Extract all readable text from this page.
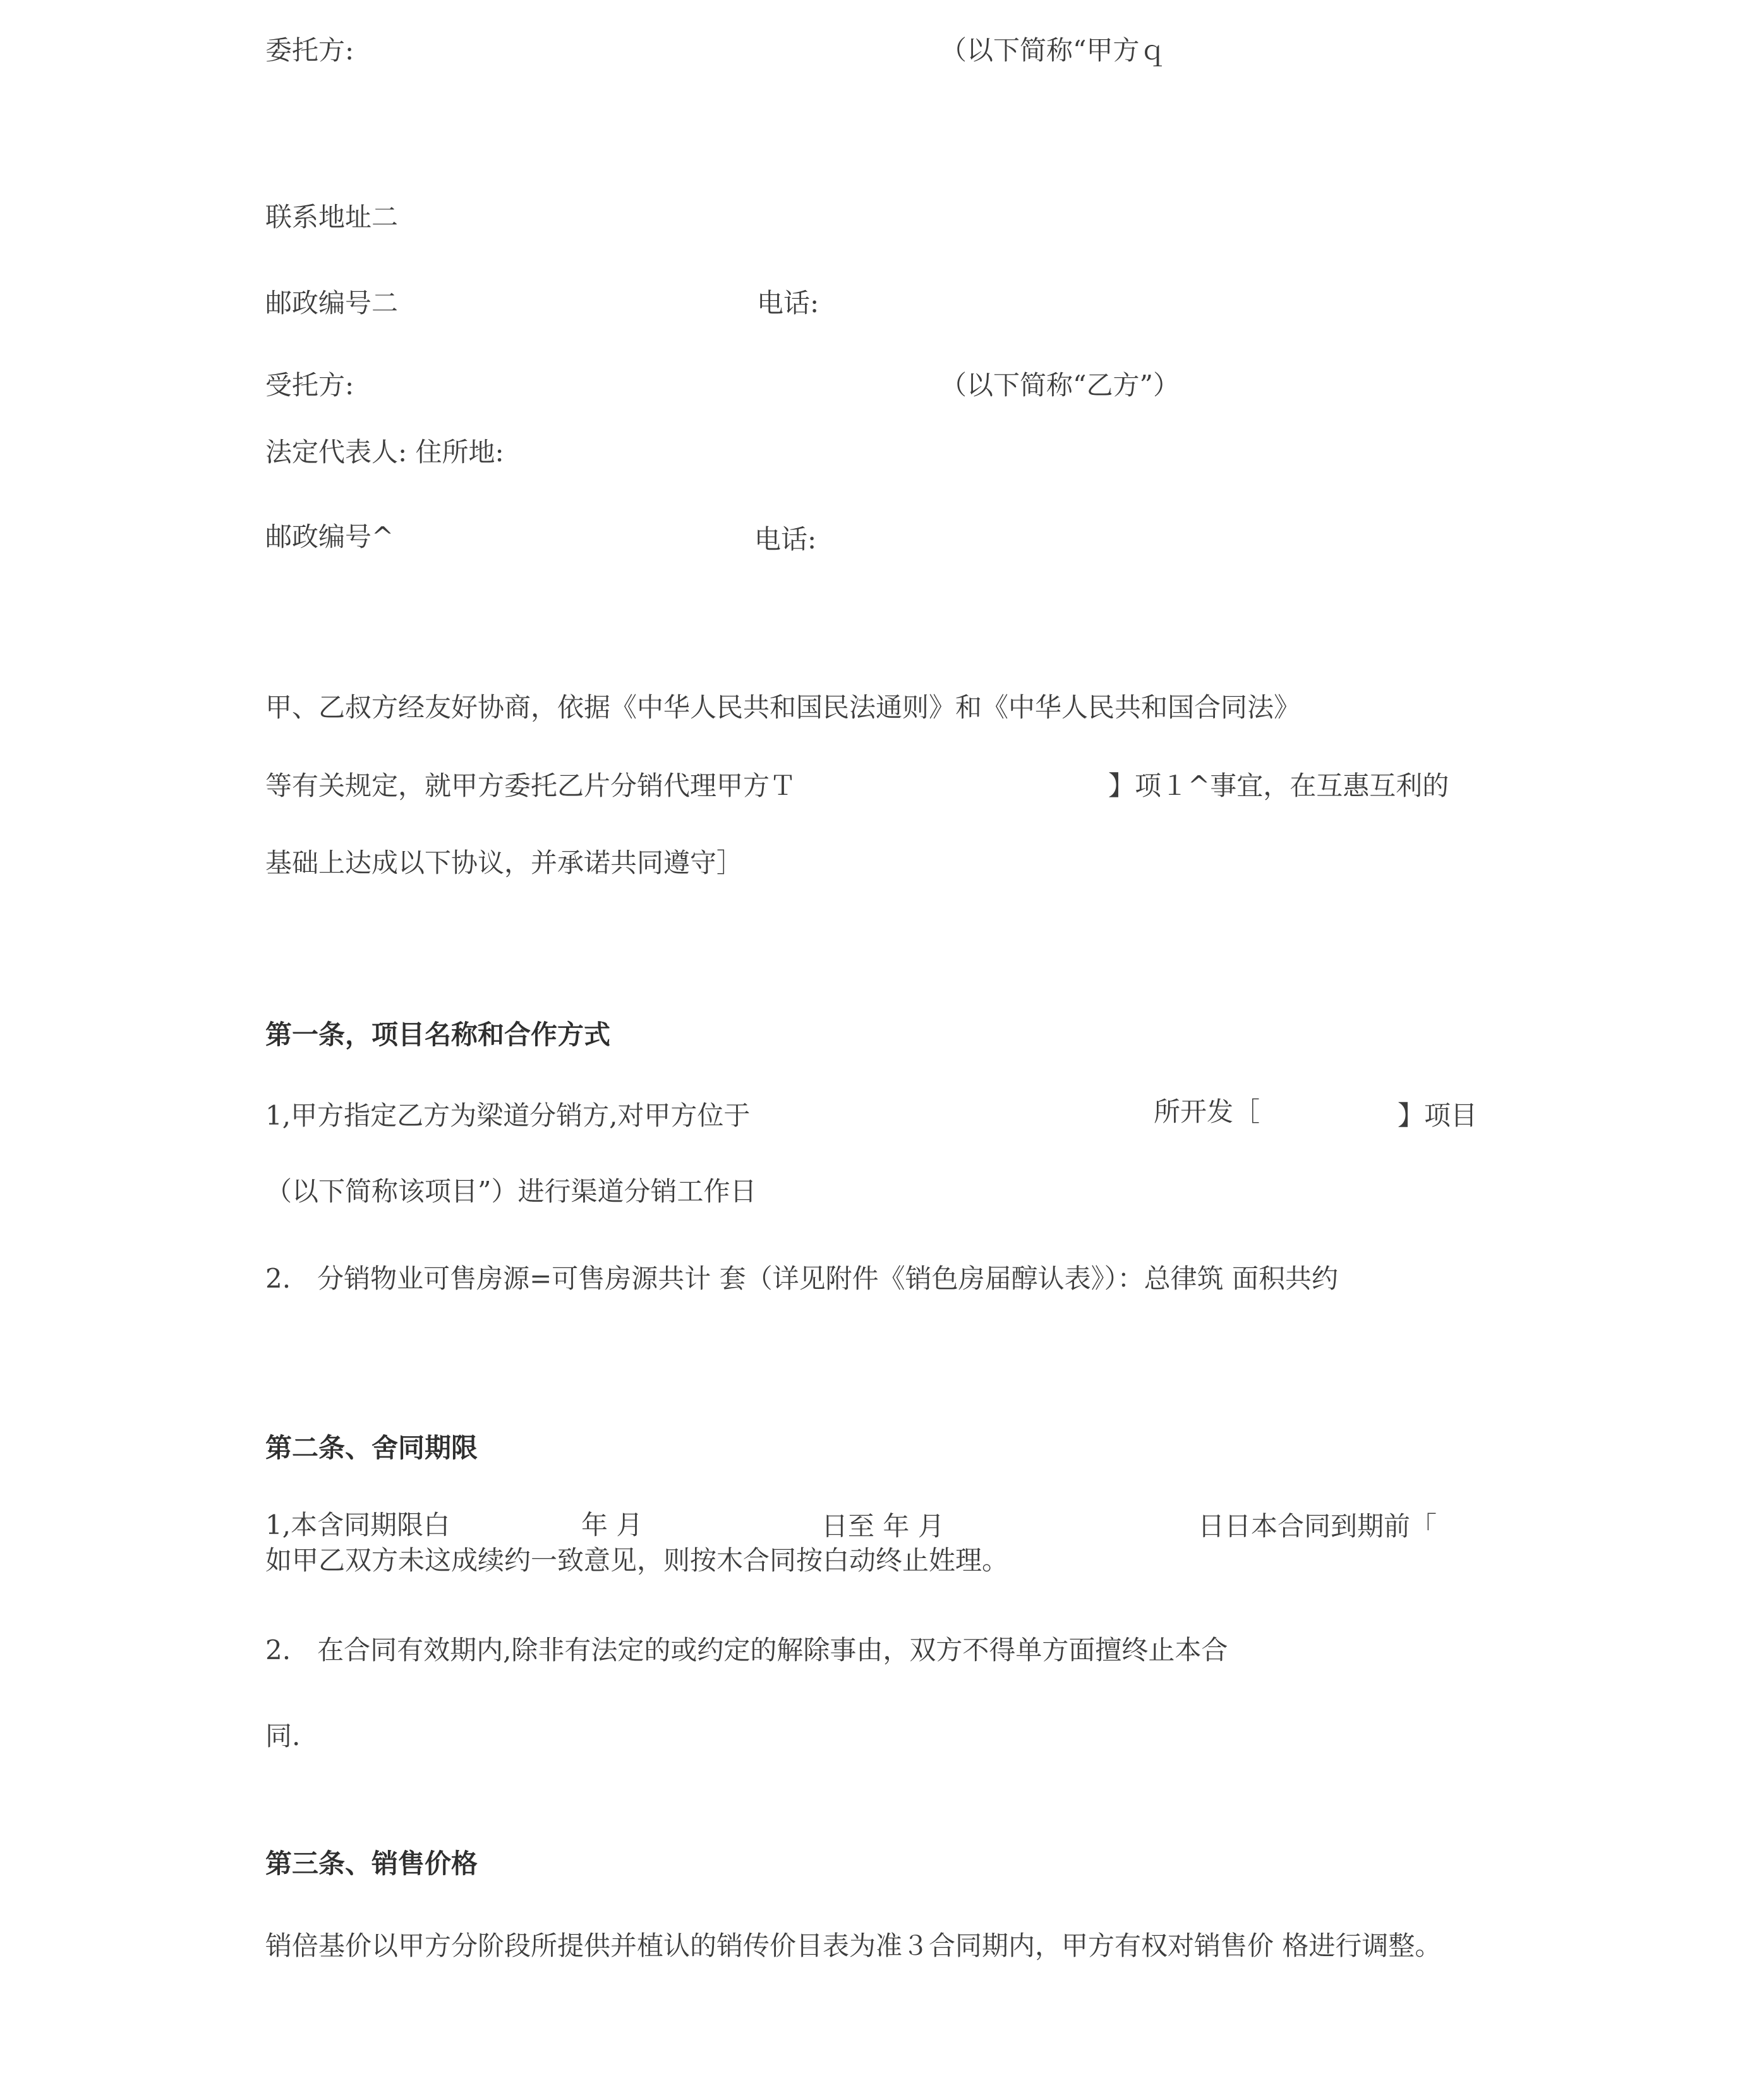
委托方:	（以下简称“甲方ｑ
联系地址二
邮政编号二	电话:
受托方:	（以下简称“乙方”）
法定代表人: 住所地:
邮政编号^	电话:
甲、乙叔方经友好协商，依据《中华人民共和国民法通则》和《中华人民共和国合同法》
等有关规定，就甲方委托乙片分销代理甲方Ｔ	】项１^事宜，在互惠互利的
基础上达成以下协议，并承诺共同遵守］
第一条，项目名称和合作方式
1,甲方指定乙方为梁道分销方,对甲方位于	所开发［	】项目
（以下简称该项目”）进行渠道分销工作日
2.　分销物业可售房源=可售房源共计 套（详见附件《销色房届醇认表》）：总律筑 面积共约
第二条、舍同期限
1,本含同期限白	年 月	日至 年 月	日日本合同到期前「
如甲乙双方未这成续约一致意见，则按木合同按白动终止姓理。
2.　在合同有效期内,除非有法定的或约定的解除事由，双方不得单方面擅终止本合
同.
第三条、销售价格
销倍基价以甲方分阶段所提供并植认的销传价目表为准３合同期内，甲方有权对销售价 格进行调整。
